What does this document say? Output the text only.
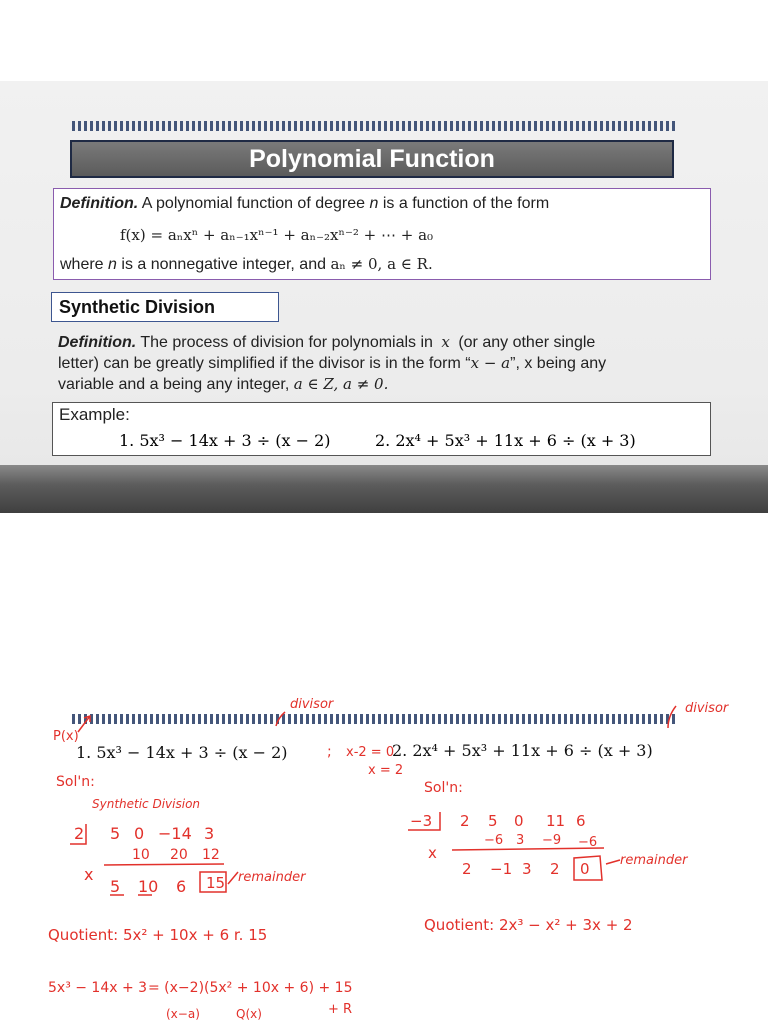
Polynomial Function
Definition. A polynomial function of degree n is a function of the form
f(x) = aₙxⁿ + aₙ₋₁xⁿ⁻¹ + aₙ₋₂xⁿ⁻² + ⋯ + a₀
where n is a nonnegative integer, and aₙ ≠ 0, a ∈ R.
Synthetic Division
Definition. The process of division for polynomials in x (or any other single
letter) can be greatly simplified if the divisor is in the form “x − a”, x being any
variable and a being any integer, a ∈ Z, a ≠ 0.
Example:
1. 5x³ − 14x + 3 ÷ (x − 2)	2. 2x⁴ + 5x³ + 11x + 6 ÷ (x + 3)
1. 5x³ − 14x + 3 ÷ (x − 2)	2. 2x⁴ + 5x³ + 11x + 6 ÷ (x + 3)
divisor	divisor
P(x)
; x-2 = 0
x = 2
Sol'n:
Synthetic Division
2 5 0 −14 3
10 20 12
x
5 10 6 15 remainder
Quotient: 5x² + 10x + 6 r. 15
5x³ − 14x + 3 = (x−2)(5x² + 10x + 6) + 15
(x−a)	Q(x)	+ R
Sol'n:
−3 2 5 0 11 6
−6 3 −9 −6
x
2 −1 3 2 0 remainder
Quotient: 2x³ − x² + 3x + 2
